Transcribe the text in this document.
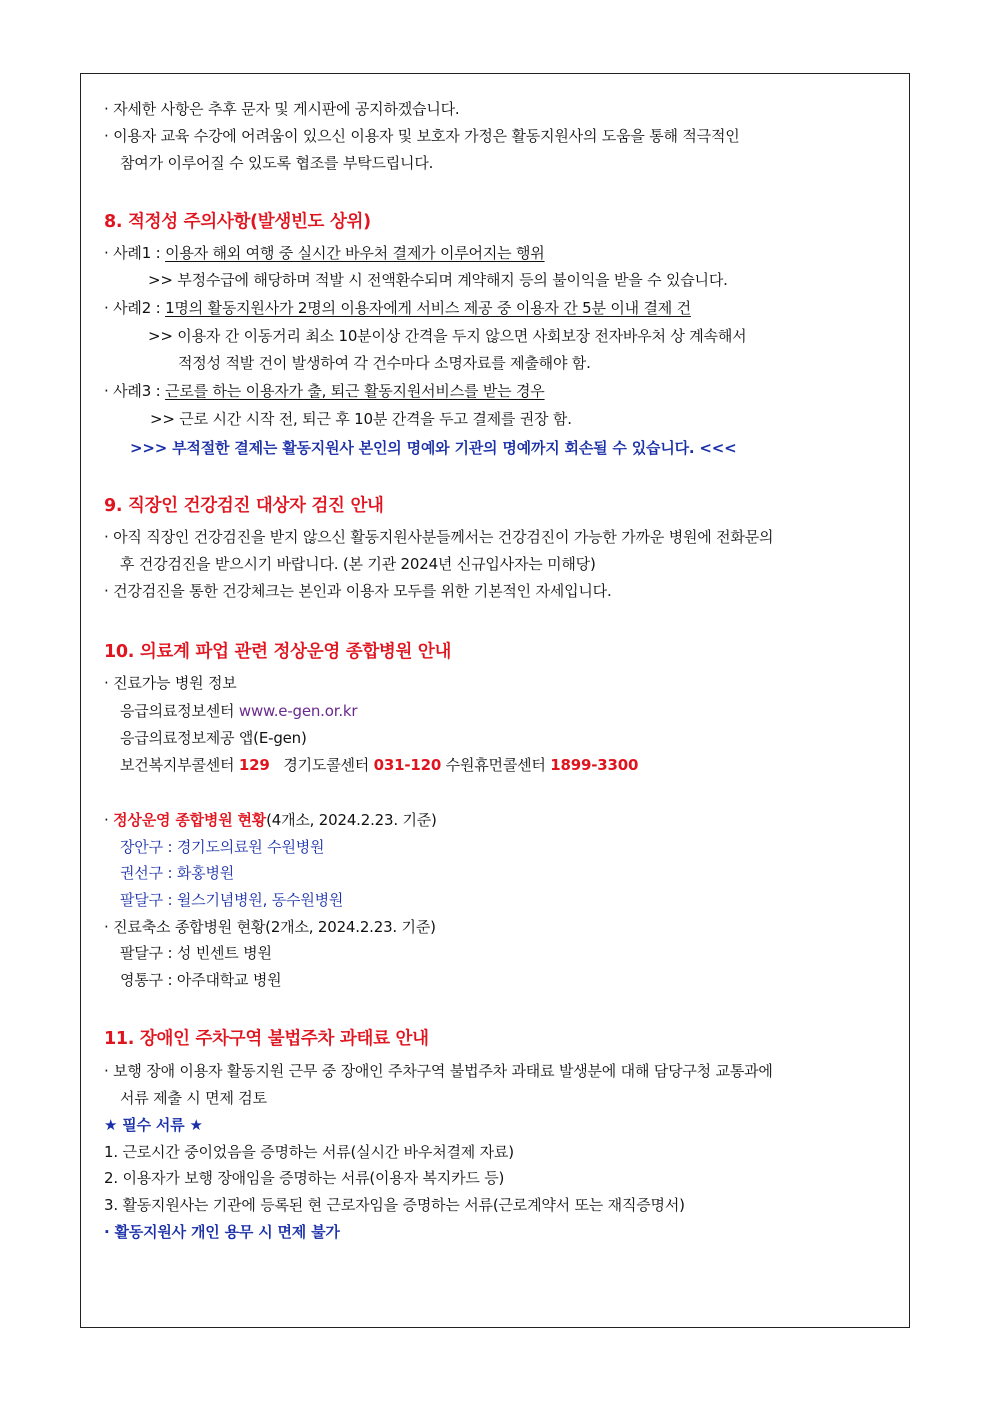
· 자세한 사항은 추후 문자 및 게시판에 공지하겠습니다.
· 이용자 교육 수강에 어려움이 있으신 이용자 및 보호자 가정은 활동지원사의 도움을 통해 적극적인
참여가 이루어질 수 있도록 협조를 부탁드립니다.
8. 적정성 주의사항(발생빈도 상위)
· 사례1 : 이용자 해외 여행 중 실시간 바우처 결제가 이루어지는 행위
>> 부정수급에 해당하며 적발 시 전액환수되며 계약해지 등의 불이익을 받을 수 있습니다.
· 사례2 : 1명의 활동지원사가 2명의 이용자에게 서비스 제공 중 이용자 간 5분 이내 결제 건
>> 이용자 간 이동거리 최소 10분이상 간격을 두지 않으면 사회보장 전자바우처 상 계속해서
적정성 적발 건이 발생하여 각 건수마다 소명자료를 제출해야 함.
· 사례3 : 근로를 하는 이용자가 출, 퇴근 활동지원서비스를 받는 경우
>> 근로 시간 시작 전, 퇴근 후 10분 간격을 두고 결제를 권장 함.
>>> 부적절한 결제는 활동지원사 본인의 명예와 기관의 명예까지 회손될 수 있습니다. <<<
9. 직장인 건강검진 대상자 검진 안내
· 아직 직장인 건강검진을 받지 않으신 활동지원사분들께서는 건강검진이 가능한 가까운 병원에 전화문의
후 건강검진을 받으시기 바랍니다. (본 기관 2024년 신규입사자는 미해당)
· 건강검진을 통한 건강체크는 본인과 이용자 모두를 위한 기본적인 자세입니다.
10. 의료계 파업 관련 정상운영 종합병원 안내
· 진료가능 병원 정보
응급의료정보센터 www.e-gen.or.kr
응급의료정보제공 앱(E-gen)
보건복지부콜센터 129 경기도콜센터 031-120 수원휴먼콜센터 1899-3300
· 정상운영 종합병원 현황(4개소, 2024.2.23. 기준)
장안구 : 경기도의료원 수원병원
권선구 : 화홍병원
팔달구 : 윌스기념병원, 동수원병원
· 진료축소 종합병원 현황(2개소, 2024.2.23. 기준)
팔달구 : 성 빈센트 병원
영통구 : 아주대학교 병원
11. 장애인 주차구역 불법주차 과태료 안내
· 보행 장애 이용자 활동지원 근무 중 장애인 주차구역 불법주차 과태료 발생분에 대해 담당구청 교통과에
서류 제출 시 면제 검토
★ 필수 서류 ★
1. 근로시간 중이었음을 증명하는 서류(실시간 바우처결제 자료)
2. 이용자가 보행 장애임을 증명하는 서류(이용자 복지카드 등)
3. 활동지원사는 기관에 등록된 현 근로자임을 증명하는 서류(근로계약서 또는 재직증명서)
· 활동지원사 개인 용무 시 면제 불가
